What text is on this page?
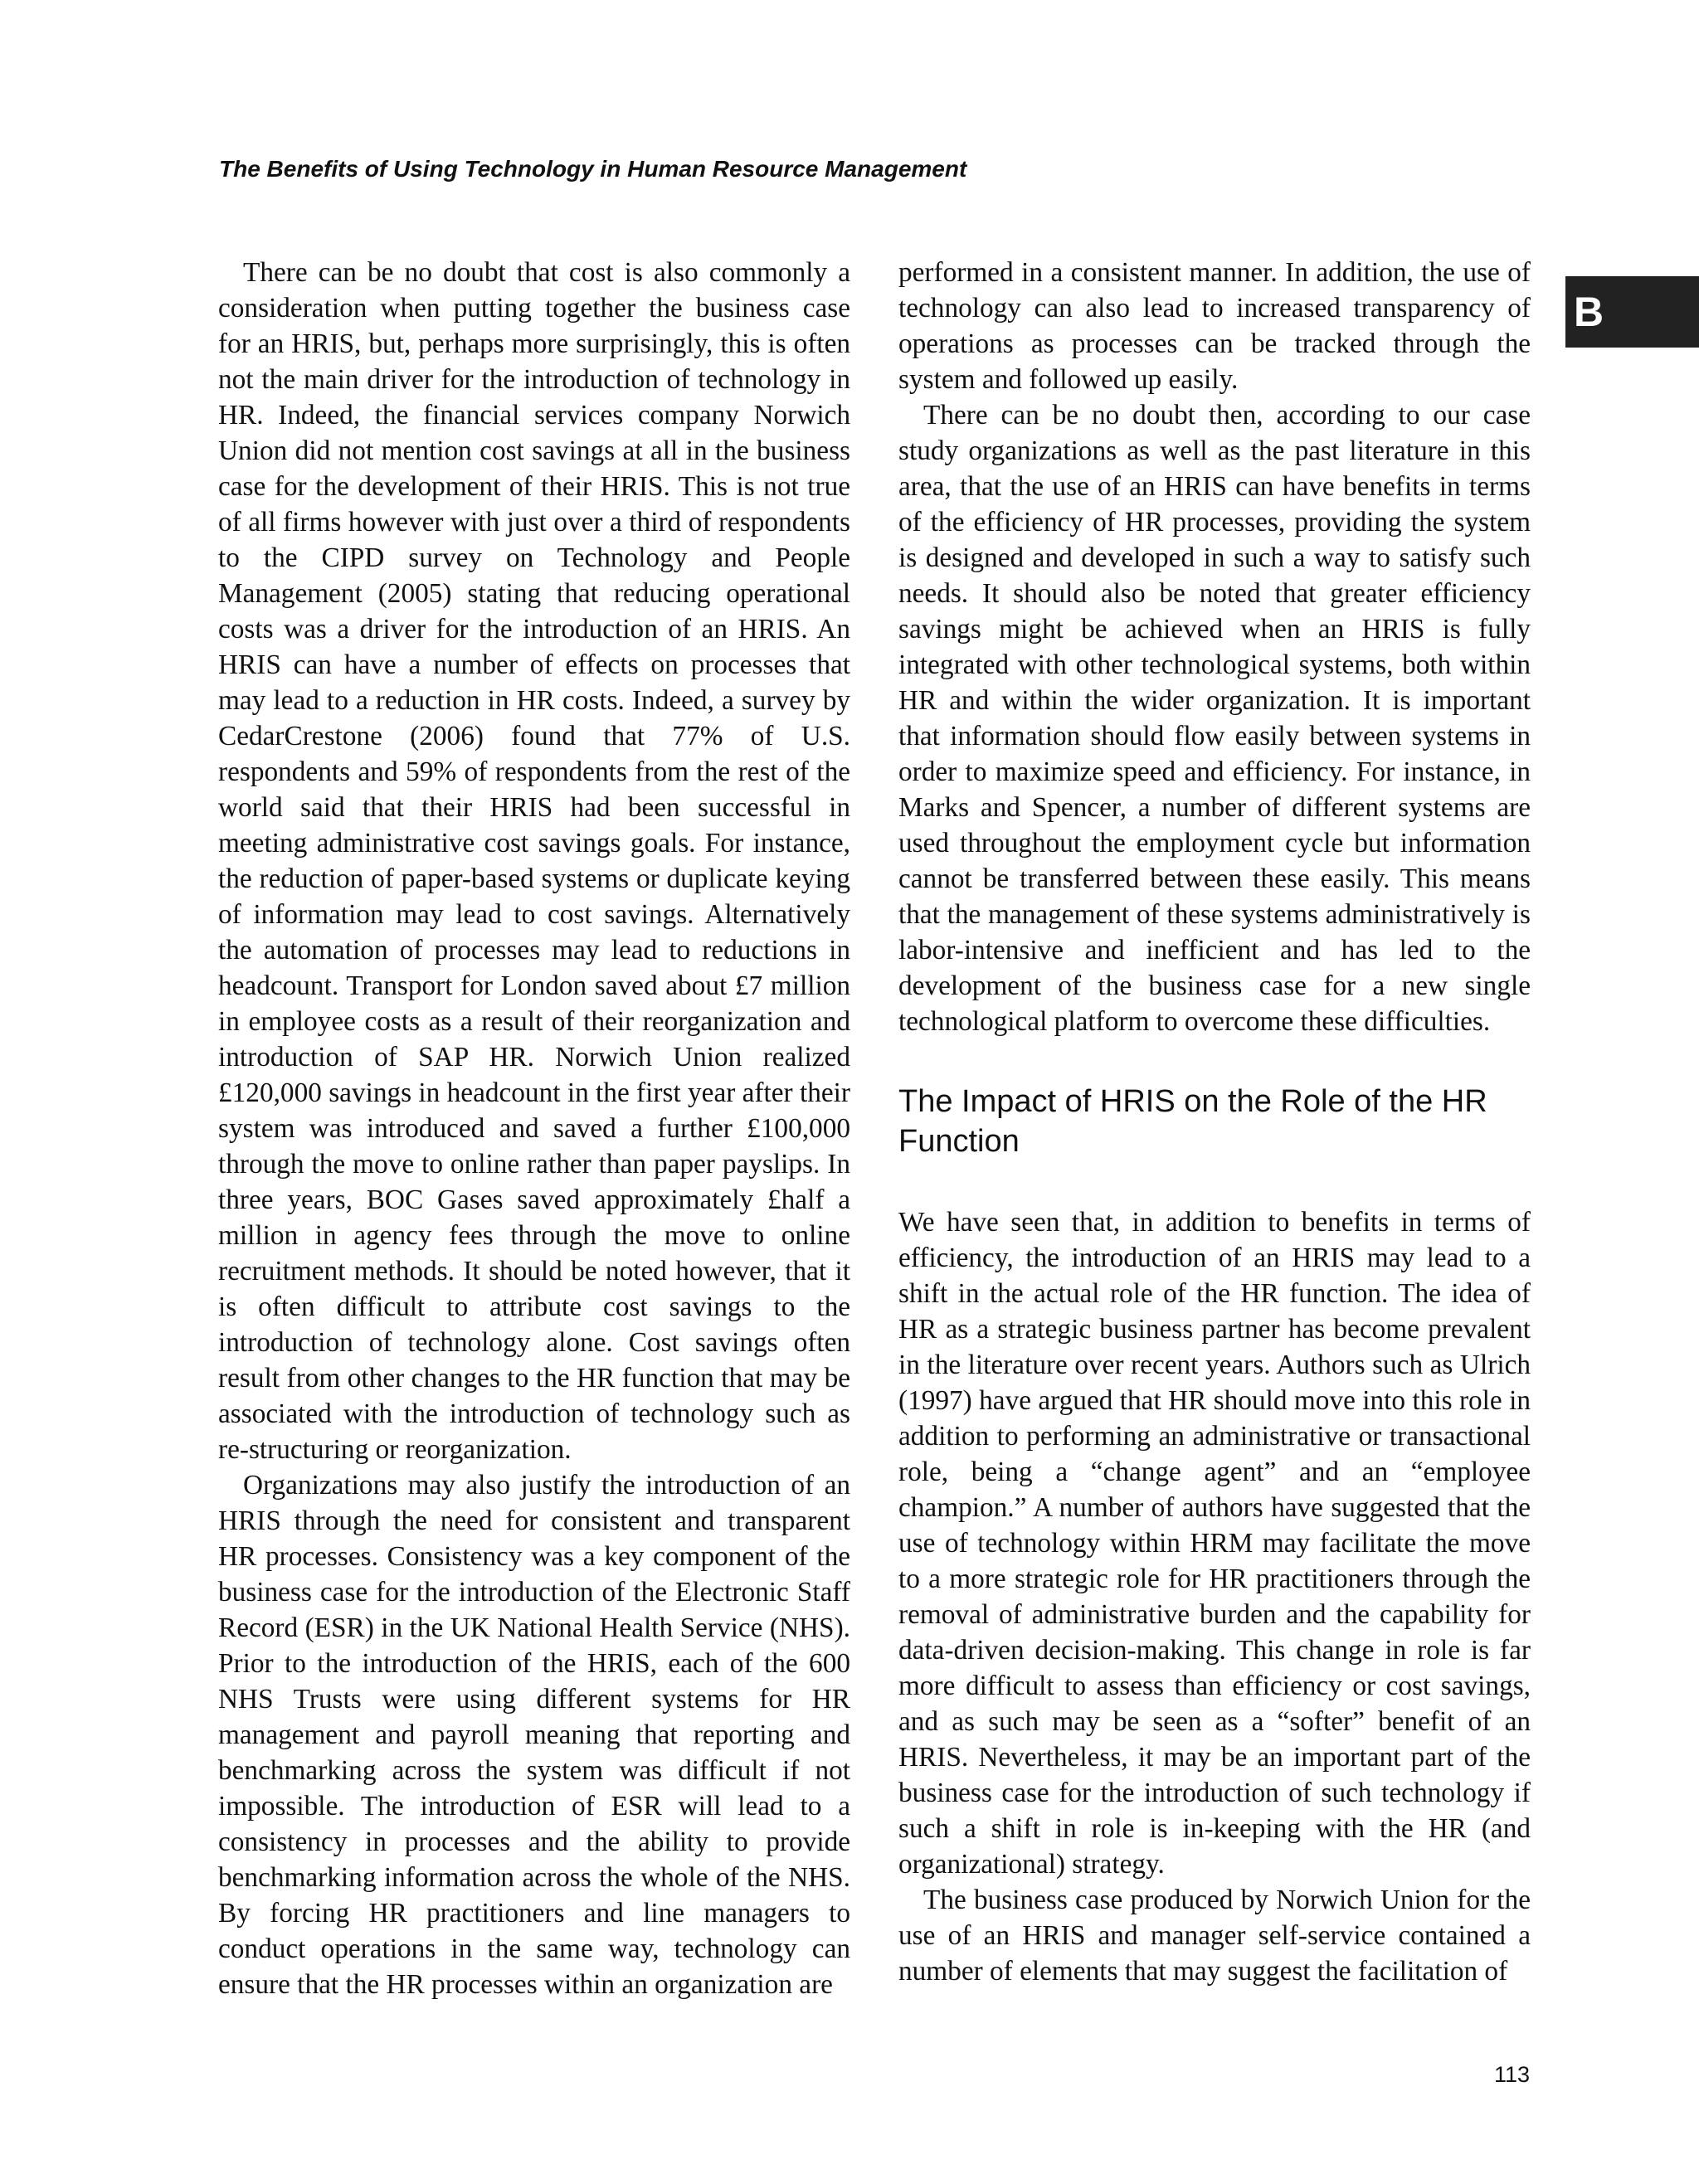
The Benefits of Using Technology in Human Resource Management
B

There can be no doubt that cost is also commonly a consideration when putting together the business case for an HRIS, but, perhaps more surprisingly, this is often not the main driver for the introduction of technology in HR. Indeed, the financial services company Norwich Union did not mention cost savings at all in the business case for the development of their HRIS. This is not true of all firms however with just over a third of respondents to the CIPD survey on Technology and People Management (2005) stating that reducing operational costs was a driver for the introduction of an HRIS. An HRIS can have a number of effects on processes that may lead to a reduction in HR costs. Indeed, a survey by CedarCrestone (2006) found that 77% of U.S. respondents and 59% of respondents from the rest of the world said that their HRIS had been successful in meeting administrative cost savings goals. For instance, the reduction of paper-based systems or duplicate keying of information may lead to cost savings. Alternatively the automation of processes may lead to reductions in headcount. Transport for London saved about £7 million in employee costs as a result of their reorganization and introduction of SAP HR. Norwich Union realized £120,000 savings in headcount in the first year after their system was introduced and saved a further £100,000 through the move to online rather than paper payslips. In three years, BOC Gases saved approximately £half a million in agency fees through the move to online recruitment methods. It should be noted however, that it is often difficult to attribute cost savings to the introduction of technology alone. Cost savings often result from other changes to the HR function that may be associated with the introduction of technology such as re-structuring or reorganization.

Organizations may also justify the introduction of an HRIS through the need for consistent and transparent HR processes. Consistency was a key component of the business case for the introduction of the Electronic Staff Record (ESR) in the UK National Health Service (NHS). Prior to the introduction of the HRIS, each of the 600 NHS Trusts were using different systems for HR management and payroll meaning that reporting and benchmarking across the system was difficult if not impossible. The introduction of ESR will lead to a consistency in processes and the ability to provide benchmarking information across the whole of the NHS. By forcing HR practitioners and line managers to conduct operations in the same way, technology can ensure that the HR processes within an organization are

performed in a consistent manner. In addition, the use of technology can also lead to increased transparency of operations as processes can be tracked through the system and followed up easily.

There can be no doubt then, according to our case study organizations as well as the past literature in this area, that the use of an HRIS can have benefits in terms of the efficiency of HR processes, providing the system is designed and developed in such a way to satisfy such needs. It should also be noted that greater efficiency savings might be achieved when an HRIS is fully integrated with other technological systems, both within HR and within the wider organization. It is important that information should flow easily between systems in order to maximize speed and efficiency. For instance, in Marks and Spencer, a number of different systems are used throughout the employment cycle but information cannot be transferred between these easily. This means that the management of these systems administratively is labor-intensive and inefficient and has led to the development of the business case for a new single technological platform to overcome these difficulties.

The Impact of HRIS on the Role of the HR Function

We have seen that, in addition to benefits in terms of efficiency, the introduction of an HRIS may lead to a shift in the actual role of the HR function. The idea of HR as a strategic business partner has become prevalent in the literature over recent years. Authors such as Ulrich (1997) have argued that HR should move into this role in addition to performing an administrative or transactional role, being a “change agent” and an “employee champion.” A number of authors have suggested that the use of technology within HRM may facilitate the move to a more strategic role for HR practitioners through the removal of administrative burden and the capability for data-driven decision-making. This change in role is far more difficult to assess than efficiency or cost savings, and as such may be seen as a “softer” benefit of an HRIS. Nevertheless, it may be an important part of the business case for the introduction of such technology if such a shift in role is in-keeping with the HR (and organizational) strategy.

The business case produced by Norwich Union for the use of an HRIS and manager self-service contained a number of elements that may suggest the facilitation of

113
